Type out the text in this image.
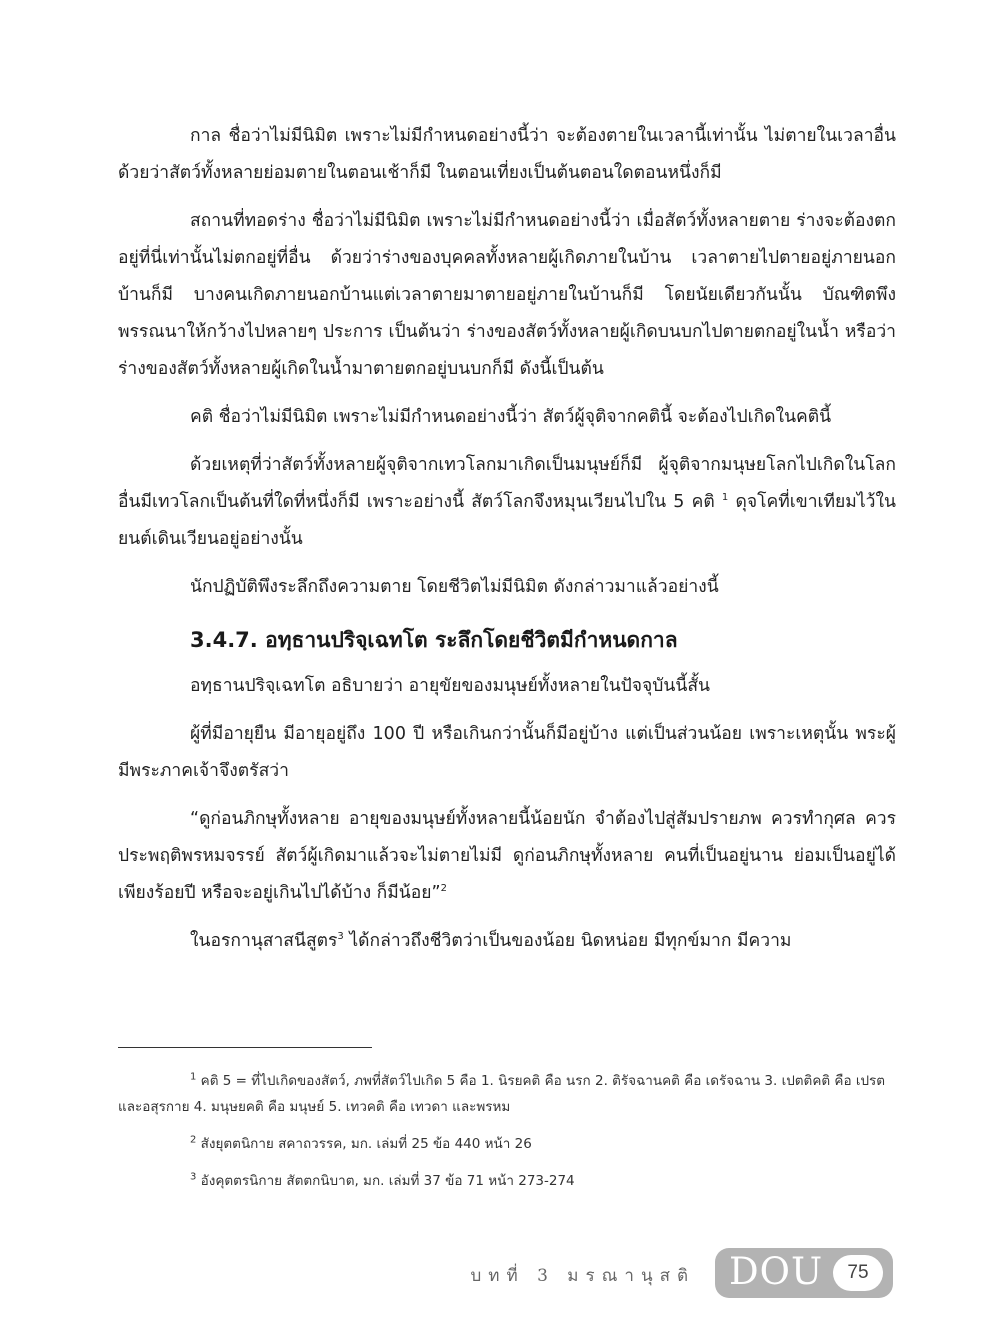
กาล ชื่อว่าไม่มีนิมิต เพราะไม่มีกำหนดอย่างนี้ว่า จะต้องตายในเวลานี้เท่านั้น ไม่ตายในเวลาอื่น ด้วยว่าสัตว์ทั้งหลายย่อมตายในตอนเช้าก็มี ในตอนเที่ยงเป็นต้นตอนใดตอนหนึ่งก็มี

สถานที่ทอดร่าง ชื่อว่าไม่มีนิมิต เพราะไม่มีกำหนดอย่างนี้ว่า เมื่อสัตว์ทั้งหลายตาย ร่างจะต้องตกอยู่ที่นี่เท่านั้นไม่ตกอยู่ที่อื่น ด้วยว่าร่างของบุคคลทั้งหลายผู้เกิดภายในบ้าน เวลาตายไปตายอยู่ภายนอกบ้านก็มี บางคนเกิดภายนอกบ้านแต่เวลาตายมาตายอยู่ภายในบ้านก็มี โดยนัยเดียวกันนั้น บัณฑิตพึงพรรณนาให้กว้างไปหลายๆ ประการ เป็นต้นว่า ร่างของสัตว์ทั้งหลายผู้เกิดบนบกไปตายตกอยู่ในน้ำ หรือว่าร่างของสัตว์ทั้งหลายผู้เกิดในน้ำมาตายตกอยู่บนบกก็มี ดังนี้เป็นต้น

คติ ชื่อว่าไม่มีนิมิต เพราะไม่มีกำหนดอย่างนี้ว่า สัตว์ผู้จุติจากคตินี้ จะต้องไปเกิดในคตินี้

ด้วยเหตุที่ว่าสัตว์ทั้งหลายผู้จุติจากเทวโลกมาเกิดเป็นมนุษย์ก็มี ผู้จุติจากมนุษยโลกไปเกิดในโลกอื่นมีเทวโลกเป็นต้นที่ใดที่หนึ่งก็มี เพราะอย่างนี้ สัตว์โลกจึงหมุนเวียนไปใน 5 คติ $^1$ ดุจโคที่เขาเทียมไว้ในยนต์เดินเวียนอยู่อย่างนั้น

นักปฏิบัติพึงระลึกถึงความตาย โดยชีวิตไม่มีนิมิต ดังกล่าวมาแล้วอย่างนี้

3.4.7. อทฺธานปริจฺเฉทโต ระลึกโดยชีวิตมีกำหนดกาล

อทฺธานปริจฺเฉทโต อธิบายว่า อายุขัยของมนุษย์ทั้งหลายในปัจจุบันนี้สั้น

ผู้ที่มีอายุยืน มีอายุอยู่ถึง 100 ปี หรือเกินกว่านั้นก็มีอยู่บ้าง แต่เป็นส่วนน้อย เพราะเหตุนั้น พระผู้มีพระภาคเจ้าจึงตรัสว่า

“ดูก่อนภิกษุทั้งหลาย อายุของมนุษย์ทั้งหลายนี้น้อยนัก จำต้องไปสู่สัมปรายภพ ควรทำกุศล ควรประพฤติพรหมจรรย์ สัตว์ผู้เกิดมาแล้วจะไม่ตายไม่มี ดูก่อนภิกษุทั้งหลาย คนที่เป็นอยู่นาน ย่อมเป็นอยู่ได้เพียงร้อยปี หรือจะอยู่เกินไปได้บ้าง ก็มีน้อย”$^2$

ในอรกานุสาสนีสูตร$^3$ ได้กล่าวถึงชีวิตว่าเป็นของน้อย นิดหน่อย มีทุกข์มาก มีความ

$^1$ คติ 5 = ที่ไปเกิดของสัตว์, ภพที่สัตว์ไปเกิด 5 คือ 1. นิรยคติ คือ นรก 2. ติรัจฉานคติ คือ เดรัจฉาน 3. เปตติคติ คือ เปรต และอสุรกาย 4. มนุษยคติ คือ มนุษย์ 5. เทวคติ คือ เทวดา และพรหม

$^2$ สังยุตตนิกาย สคาถวรรค, มก. เล่มที่ 25 ข้อ 440 หน้า 26

$^3$ อังคุตตรนิกาย สัตตกนิบาต, มก. เล่มที่ 37 ข้อ 71 หน้า 273-274

บทที่ 3 มรณานุสติ DOU	75
